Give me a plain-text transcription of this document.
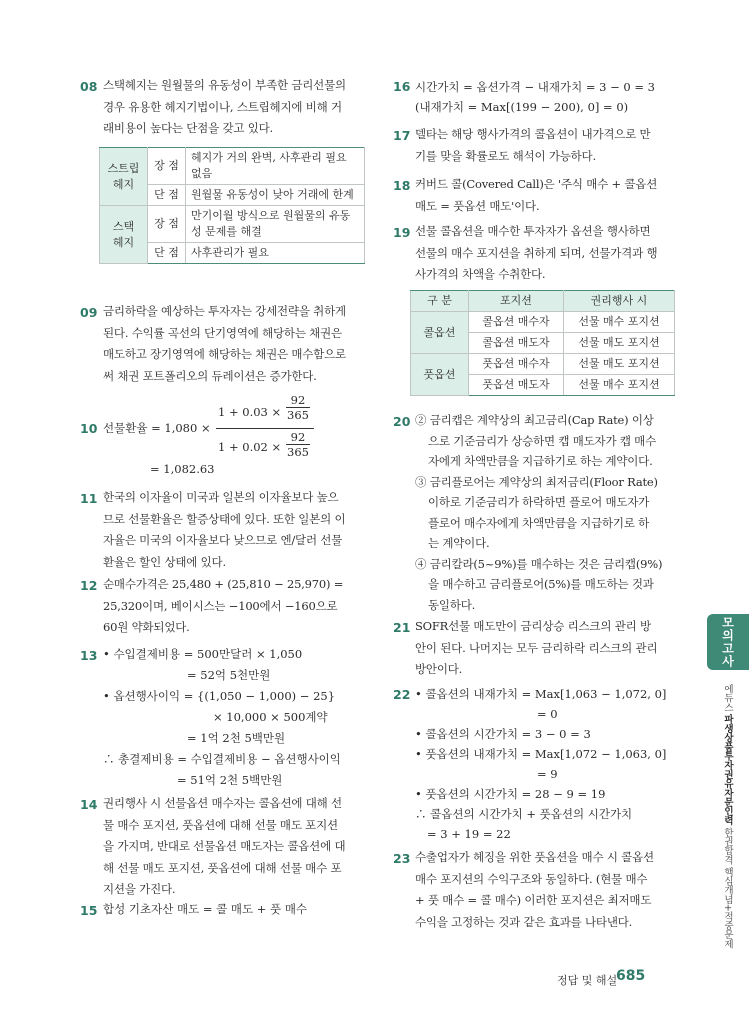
08 스택헤지는 원월물의 유동성이 부족한 금리선물의
경우 유용한 헤지기법이나, 스트립헤지에 비해 거
래비용이 높다는 단점을 갖고 있다.
스트립
헤지	장 점	헤지가 거의 완벽, 사후관리 필요 없음
	단 점	원월물 유동성이 낮아 거래에 한계
스택
헤지	장 점	만기이월 방식으로 원월물의 유동성 문제를 해결
	단 점	사후관리가 필요
09 금리하락을 예상하는 투자자는 강세전략을 취하게
된다. 수익률 곡선의 단기영역에 해당하는 채권은
매도하고 장기영역에 해당하는 채권은 매수함으로
써 채권 포트폴리오의 듀레이션은 증가한다.
10 선물환율 = 1,080 ×
1 + 0.03 ×
92
365
1 + 0.02 ×
92
365
= 1,082.63
11 한국의 이자율이 미국과 일본의 이자율보다 높으
므로 선물환율은 할증상태에 있다. 또한 일본의 이
자율은 미국의 이자율보다 낮으므로 엔/달러 선물
환율은 할인 상태에 있다.
12 순매수가격은 25,480 + (25,810 − 25,970) =
25,320이며, 베이시스는 −100에서 −160으로
60원 약화되었다.
13 • 수입결제비용 = 500만달러 × 1,050
= 52억 5천만원
• 옵션행사이익 = {(1,050 − 1,000) − 25}
× 10,000 × 500계약
= 1억 2천 5백만원
∴ 총결제비용 = 수입결제비용 − 옵션행사이익
= 51억 2천 5백만원
14 권리행사 시 선물옵션 매수자는 콜옵션에 대해 선
물 매수 포지션, 풋옵션에 대해 선물 매도 포지션
을 가지며, 반대로 선물옵션 매도자는 콜옵션에 대
해 선물 매도 포지션, 풋옵션에 대해 선물 매수 포
지션을 가진다.
15 합성 기초자산 매도 = 콜 매도 + 풋 매수
16 시간가치 = 옵션가격 − 내재가치 = 3 − 0 = 3
(내재가치 = Max[(199 − 200), 0] = 0)
17 델타는 해당 행사가격의 콜옵션이 내가격으로 만
기를 맞을 확률로도 해석이 가능하다.
18 커버드 콜(Covered Call)은 '주식 매수 + 콜옵션
매도 = 풋옵션 매도'이다.
19 선물 콜옵션을 매수한 투자자가 옵션을 행사하면
선물의 매수 포지션을 취하게 되며, 선물가격과 행
사가격의 차액을 수취한다.
구 분	포지션	권리행사 시
콜옵션	콜옵션 매수자	선물 매수 포지션
	콜옵션 매도자	선물 매도 포지션
풋옵션	풋옵션 매수자	선물 매도 포지션
	풋옵션 매도자	선물 매수 포지션
20 ② 금리캡은 계약상의 최고금리(Cap Rate) 이상
으로 기준금리가 상승하면 캡 매도자가 캡 매수
자에게 차액만큼을 지급하기로 하는 계약이다.
③ 금리플로어는 계약상의 최저금리(Floor Rate)
이하로 기준금리가 하락하면 플로어 매도자가
플로어 매수자에게 차액만큼을 지급하기로 하
는 계약이다.
④ 금리칼라(5~9%)를 매수하는 것은 금리캡(9%)
을 매수하고 금리플로어(5%)를 매도하는 것과
동일하다.
21 SOFR선물 매도만이 금리상승 리스크의 관리 방
안이 된다. 나머지는 모두 금리하락 리스크의 관리
방안이다.
22 • 콜옵션의 내재가치 = Max[1,063 − 1,072, 0]
= 0
• 콜옵션의 시간가치 = 3 − 0 = 3
• 풋옵션의 내재가치 = Max[1,072 − 1,063, 0]
= 9
• 풋옵션의 시간가치 = 28 − 9 = 19
∴ 콜옵션의 시간가치 + 풋옵션의 시간가치
= 3 + 19 = 22
23 수출업자가 헤징을 위한 풋옵션을 매수 시 콜옵션
매수 포지션의 수익구조와 동일하다. (현물 매수
+ 풋 매수 = 콜 매수) 이러한 포지션은 최저매도
수익을 고정하는 것과 같은 효과를 나타낸다.
모의고사
에듀스 파생상품투자권유자문인력 한권합격 핵심개념+적중문제
정답 및 해설
685
